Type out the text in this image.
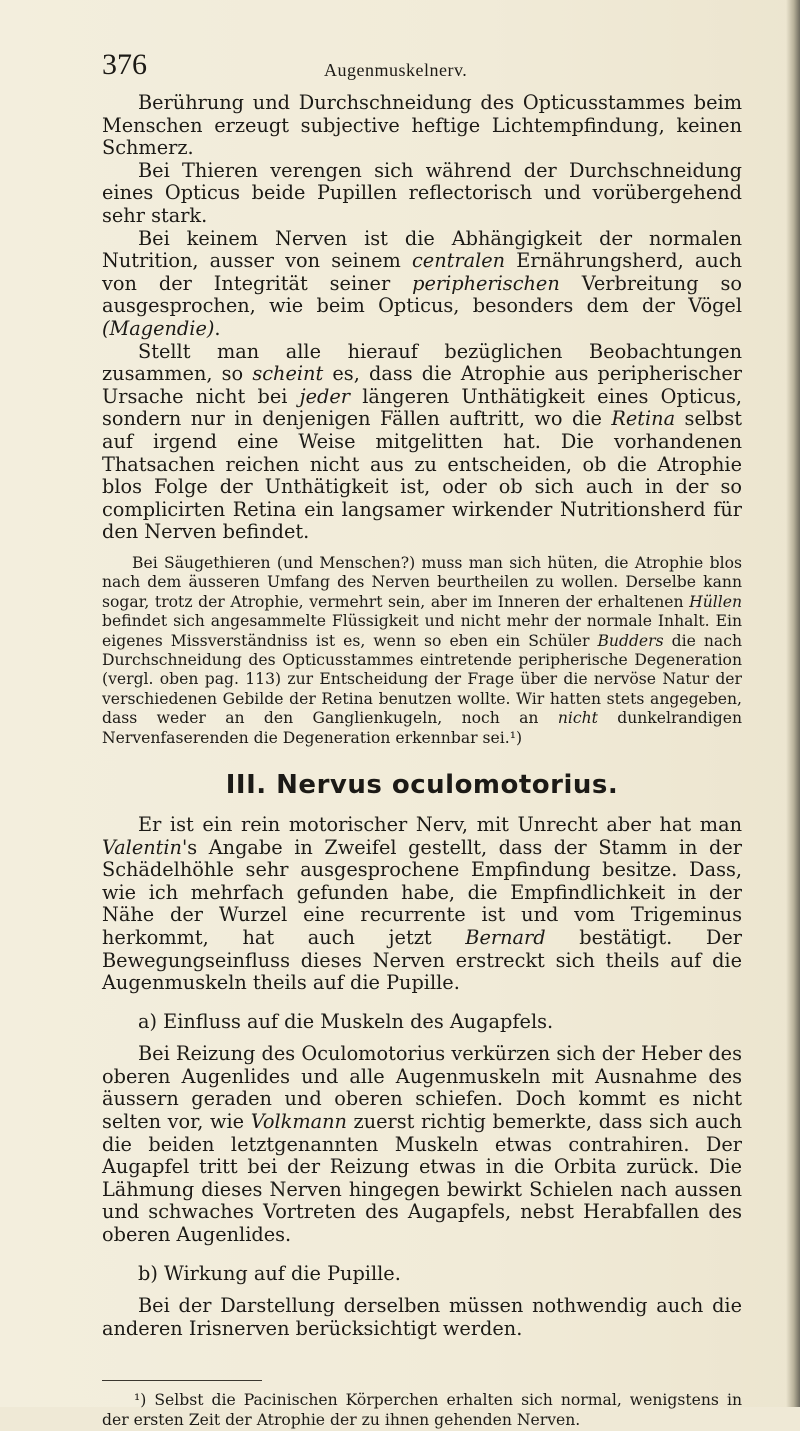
376	Augenmuskelnerv.

Berührung und Durchschneidung des Opticusstammes beim Menschen erzeugt subjective heftige Lichtempfindung, keinen Schmerz.

Bei Thieren verengen sich während der Durchschneidung eines Opticus beide Pupillen reflectorisch und vorübergehend sehr stark.

Bei keinem Nerven ist die Abhängigkeit der normalen Nutrition, ausser von seinem centralen Ernährungsherd, auch von der Integrität seiner peripherischen Verbreitung so ausgesprochen, wie beim Opticus, besonders dem der Vögel (Magendie).

Stellt man alle hierauf bezüglichen Beobachtungen zusammen, so scheint es, dass die Atrophie aus peripherischer Ursache nicht bei jeder längeren Unthätigkeit eines Opticus, sondern nur in denjenigen Fällen auftritt, wo die Retina selbst auf irgend eine Weise mitgelitten hat. Die vorhandenen Thatsachen reichen nicht aus zu entscheiden, ob die Atrophie blos Folge der Unthätigkeit ist, oder ob sich auch in der so complicirten Retina ein langsamer wirkender Nutritionsherd für den Nerven befindet.

Bei Säugethieren (und Menschen?) muss man sich hüten, die Atrophie blos nach dem äusseren Umfang des Nerven beurtheilen zu wollen. Derselbe kann sogar, trotz der Atrophie, vermehrt sein, aber im Inneren der erhaltenen Hüllen befindet sich angesammelte Flüssigkeit und nicht mehr der normale Inhalt. Ein eigenes Missverständniss ist es, wenn so eben ein Schüler Budders die nach Durchschneidung des Opticusstammes eintretende peripherische Degeneration (vergl. oben pag. 113) zur Entscheidung der Frage über die nervöse Natur der verschiedenen Gebilde der Retina benutzen wollte. Wir hatten stets angegeben, dass weder an den Ganglienkugeln, noch an nicht dunkelrandigen Nervenfaserenden die Degeneration erkennbar sei.¹)

III. Nervus oculomotorius.

Er ist ein rein motorischer Nerv, mit Unrecht aber hat man Valentin's Angabe in Zweifel gestellt, dass der Stamm in der Schädelhöhle sehr ausgesprochene Empfindung besitze. Dass, wie ich mehrfach gefunden habe, die Empfindlichkeit in der Nähe der Wurzel eine recurrente ist und vom Trigeminus herkommt, hat auch jetzt Bernard bestätigt. Der Bewegungseinfluss dieses Nerven erstreckt sich theils auf die Augenmuskeln theils auf die Pupille.

a) Einfluss auf die Muskeln des Augapfels.

Bei Reizung des Oculomotorius verkürzen sich der Heber des oberen Augenlides und alle Augenmuskeln mit Ausnahme des äussern geraden und oberen schiefen. Doch kommt es nicht selten vor, wie Volkmann zuerst richtig bemerkte, dass sich auch die beiden letztgenannten Muskeln etwas contrahiren. Der Augapfel tritt bei der Reizung etwas in die Orbita zurück. Die Lähmung dieses Nerven hingegen bewirkt Schielen nach aussen und schwaches Vortreten des Augapfels, nebst Herabfallen des oberen Augenlides.

b) Wirkung auf die Pupille.

Bei der Darstellung derselben müssen nothwendig auch die anderen Irisnerven berücksichtigt werden.

¹) Selbst die Pacinischen Körperchen erhalten sich normal, wenigstens in der ersten Zeit der Atrophie der zu ihnen gehenden Nerven.
